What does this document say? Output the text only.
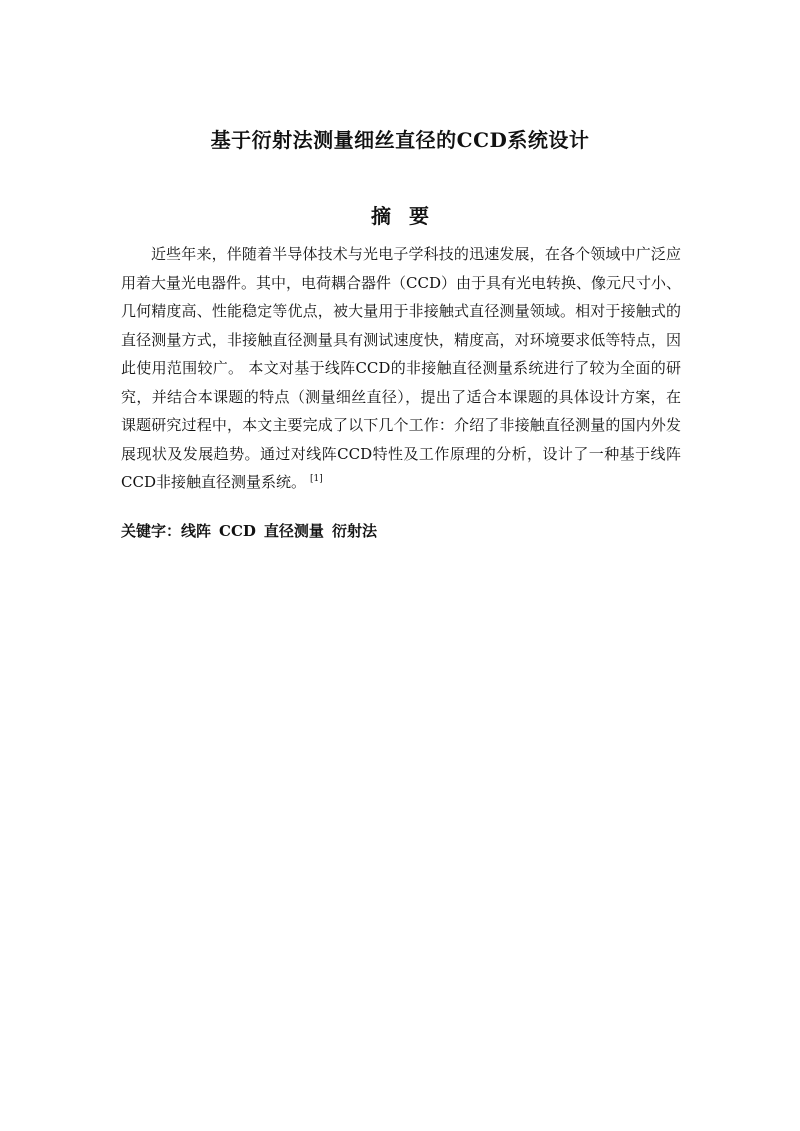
基于衍射法测量细丝直径的CCD系统设计
摘要

近些年来，伴随着半导体技术与光电子学科技的迅速发展，在各个领域中广泛应用着大量光电器件。其中，电荷耦合器件（CCD）由于具有光电转换、像元尺寸小、几何精度高、性能稳定等优点，被大量用于非接触式直径测量领域。相对于接触式的直径测量方式，非接触直径测量具有测试速度快，精度高，对环境要求低等特点，因此使用范围较广。 本文对基于线阵CCD的非接触直径测量系统进行了较为全面的研究，并结合本课题的特点（测量细丝直径），提出了适合本课题的具体设计方案，在课题研究过程中，本文主要完成了以下几个工作：介绍了非接触直径测量的国内外发展现状及发展趋势。通过对线阵CCD特性及工作原理的分析，设计了一种基于线阵CCD非接触直径测量系统。 [1]

关键字：线阵 CCD 直径测量 衍射法
